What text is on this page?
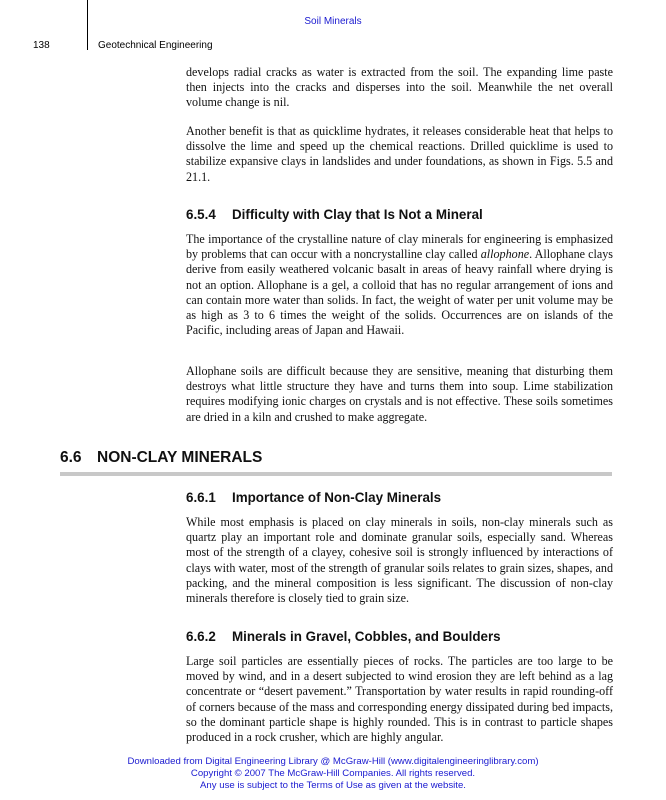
Soil Minerals
138	Geotechnical Engineering

develops radial cracks as water is extracted from the soil. The expanding lime paste then injects into the cracks and disperses into the soil. Meanwhile the net overall volume change is nil.

Another benefit is that as quicklime hydrates, it releases considerable heat that helps to dissolve the lime and speed up the chemical reactions. Drilled quicklime is used to stabilize expansive clays in landslides and under foundations, as shown in Figs. 5.5 and 21.1.

6.5.4 Difficulty with Clay that Is Not a Mineral

The importance of the crystalline nature of clay minerals for engineering is emphasized by problems that can occur with a noncrystalline clay called allophone. Allophane clays derive from easily weathered volcanic basalt in areas of heavy rainfall where drying is not an option. Allophane is a gel, a colloid that has no regular arrangement of ions and can contain more water than solids. In fact, the weight of water per unit volume may be as high as 3 to 6 times the weight of the solids. Occurrences are on islands of the Pacific, including areas of Japan and Hawaii.

Allophane soils are difficult because they are sensitive, meaning that disturbing them destroys what little structure they have and turns them into soup. Lime stabilization requires modifying ionic charges on crystals and is not effective. These soils sometimes are dried in a kiln and crushed to make aggregate.

6.6 NON-CLAY MINERALS
6.6.1 Importance of Non-Clay Minerals

While most emphasis is placed on clay minerals in soils, non-clay minerals such as quartz play an important role and dominate granular soils, especially sand. Whereas most of the strength of a clayey, cohesive soil is strongly influenced by interactions of clays with water, most of the strength of granular soils relates to grain sizes, shapes, and packing, and the mineral composition is less significant. The discussion of non-clay minerals therefore is closely tied to grain size.

6.6.2 Minerals in Gravel, Cobbles, and Boulders

Large soil particles are essentially pieces of rocks. The particles are too large to be moved by wind, and in a desert subjected to wind erosion they are left behind as a lag concentrate or “desert pavement.” Transportation by water results in rapid rounding-off of corners because of the mass and corresponding energy dissipated during bed impacts, so the dominant particle shape is highly rounded. This is in contrast to particle shapes produced in a rock crusher, which are highly angular.

Downloaded from Digital Engineering Library @ McGraw-Hill (www.digitalengineeringlibrary.com)
Copyright © 2007 The McGraw-Hill Companies. All rights reserved.
Any use is subject to the Terms of Use as given at the website.
